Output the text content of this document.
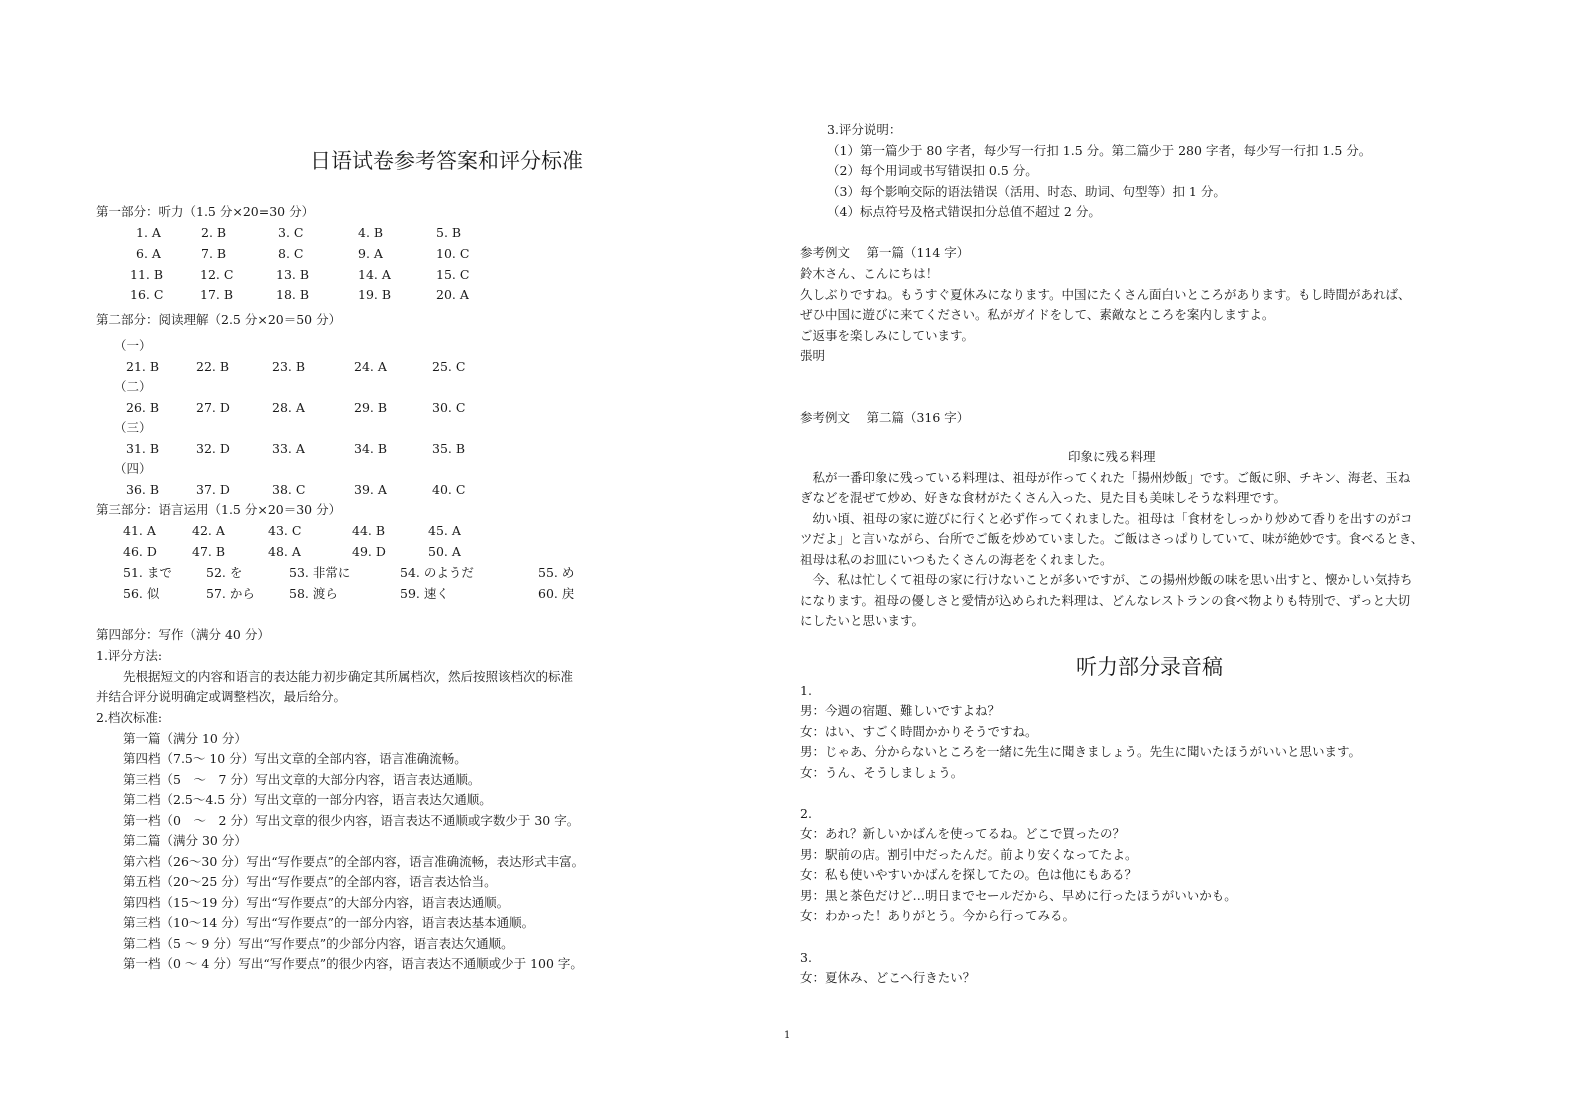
日语试卷参考答案和评分标准
第一部分：听力（1.5 分×20=30 分）
1. A	2. B	3. C	4. B	5. B
6. A	7. B	8. C	9. A	10. C
11. B	12. C	13. B	14. A	15. C
16. C	17. B	18. B	19. B	20. A
第二部分：阅读理解（2.5 分×20＝50 分）
（一）
21. B	22. B	23. B	24. A	25. C
（二）
26. B	27. D	28. A	29. B	30. C
（三）
31. B	32. D	33. A	34. B	35. B
（四）
36. B	37. D	38. C	39. A	40. C
第三部分：语言运用（1.5 分×20＝30 分）
41. A	42. A	43. C	44. B	45. A
46. D	47. B	48. A	49. D	50. A
51. まで	52. を	53. 非常に	54. のようだ	55. め
56. 似	57. から	58. 渡ら	59. 速く	60. 戻
第四部分：写作（满分 40 分）
1.评分方法:
先根据短文的内容和语言的表达能力初步确定其所属档次，然后按照该档次的标准
并结合评分说明确定或调整档次，最后给分。
2.档次标准:
第一篇（满分 10 分）
第四档（7.5～ 10 分）写出文章的全部内容，语言准确流畅。
第三档（5　～　7 分）写出文章的大部分内容，语言表达通顺。
第二档（2.5～4.5 分）写出文章的一部分内容，语言表达欠通顺。
第一档（0　～　2 分）写出文章的很少内容，语言表达不通顺或字数少于 30 字。
第二篇（满分 30 分）
第六档（26～30 分）写出“写作要点”的全部内容，语言准确流畅，表达形式丰富。
第五档（20～25 分）写出“写作要点”的全部内容，语言表达恰当。
第四档（15～19 分）写出“写作要点”的大部分内容，语言表达通顺。
第三档（10～14 分）写出“写作要点”的一部分内容，语言表达基本通顺。
第二档（5 ～ 9 分）写出“写作要点”的少部分内容，语言表达欠通顺。
第一档（0 ～ 4 分）写出“写作要点”的很少内容，语言表达不通顺或少于 100 字。
3.评分说明：
（1）第一篇少于 80 字者，每少写一行扣 1.5 分。第二篇少于 280 字者，每少写一行扣 1.5 分。
（2）每个用词或书写错误扣 0.5 分。
（3）每个影响交际的语法错误（活用、时态、助词、句型等）扣 1 分。
（4）标点符号及格式错误扣分总值不超过 2 分。
参考例文　 第一篇（114 字）
鈴木さん、こんにちは！
久しぶりですね。もうすぐ夏休みになります。中国にたくさん面白いところがあります。もし時間があれば、
ぜひ中国に遊びに来てください。私がガイドをして、素敵なところを案内しますよ。
ご返事を楽しみにしています。
張明
参考例文　 第二篇（316 字）
印象に残る料理
　私が一番印象に残っている料理は、祖母が作ってくれた「揚州炒飯」です。ご飯に卵、チキン、海老、玉ね
ぎなどを混ぜて炒め、好きな食材がたくさん入った、見た目も美味しそうな料理です。
　幼い頃、祖母の家に遊びに行くと必ず作ってくれました。祖母は「食材をしっかり炒めて香りを出すのがコ
ツだよ」と言いながら、台所でご飯を炒めていました。ご飯はさっぱりしていて、味が絶妙です。食べるとき、
祖母は私のお皿にいつもたくさんの海老をくれました。
　今、私は忙しくて祖母の家に行けないことが多いですが、この揚州炒飯の味を思い出すと、懐かしい気持ち
になります。祖母の優しさと愛情が込められた料理は、どんなレストランの食べ物よりも特別で、ずっと大切
にしたいと思います。
听力部分录音稿
1.
男：今週の宿題、難しいですよね？
女：はい、すごく時間かかりそうですね。
男：じゃあ、分からないところを一緒に先生に聞きましょう。先生に聞いたほうがいいと思います。
女：うん、そうしましょう。
2.
女：あれ？新しいかばんを使ってるね。どこで買ったの？
男：駅前の店。割引中だったんだ。前より安くなってたよ。
女：私も使いやすいかばんを探してたの。色は他にもある？
男：黒と茶色だけど…明日までセールだから、早めに行ったほうがいいかも。
女：わかった！ありがとう。今から行ってみる。
3.
女：夏休み、どこへ行きたい？
1
